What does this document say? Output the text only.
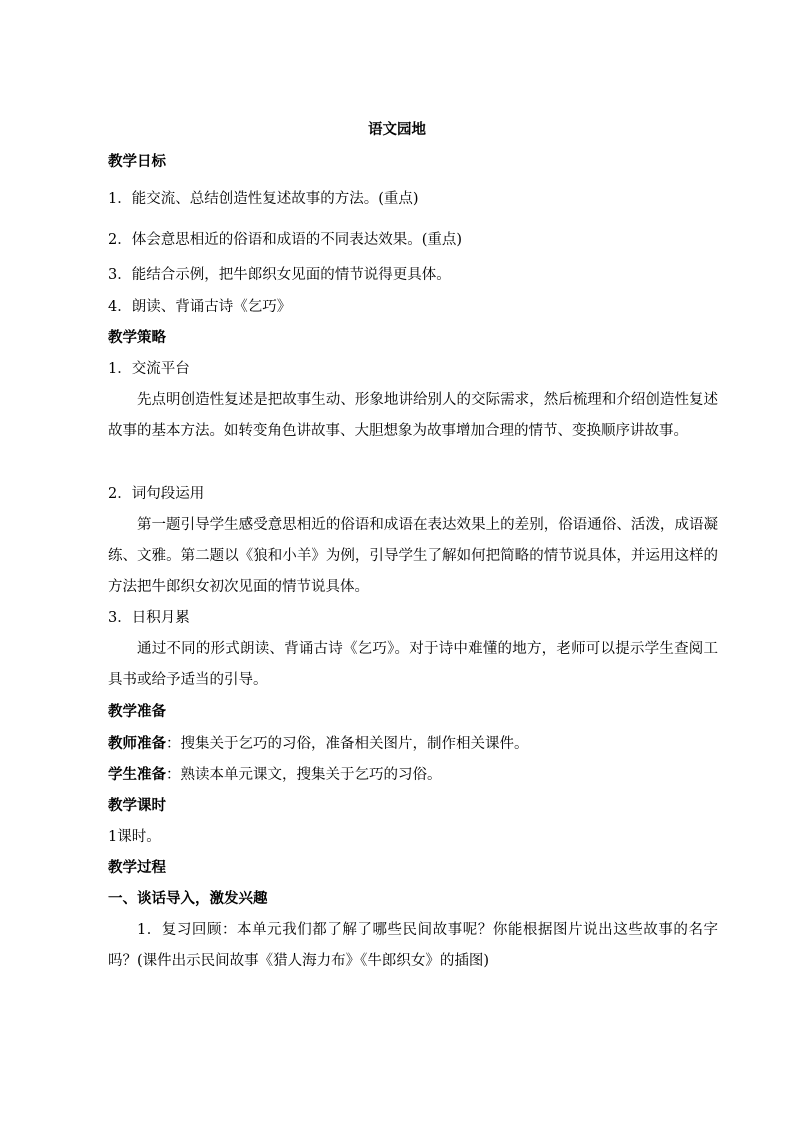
语文园地
教学日标
1．能交流、总结创造性复述故事的方法。(重点)
2．体会意思相近的俗语和成语的不同表达效果。(重点)
3．能结合示例，把牛郎织女见面的情节说得更具体。
4．朗读、背诵古诗《乞巧》
教学策略
1．交流平台
先点明创造性复述是把故事生动、形象地讲给别人的交际需求，然后梳理和介绍创造性复述故事的基本方法。如转变角色讲故事、大胆想象为故事增加合理的情节、变换顺序讲故事。
2．词句段运用
第一题引导学生感受意思相近的俗语和成语在表达效果上的差别，俗语通俗、活泼，成语凝练、文雅。第二题以《狼和小羊》为例，引导学生了解如何把简略的情节说具体，并运用这样的方法把牛郎织女初次见面的情节说具体。
3．日积月累
通过不同的形式朗读、背诵古诗《乞巧》。对于诗中难懂的地方，老师可以提示学生查阅工具书或给予适当的引导。
教学准备
教师准备：搜集关于乞巧的习俗，准备相关图片，制作相关课件。
学生准备：熟读本单元课文，搜集关于乞巧的习俗。
教学课时
1课时。
教学过程
一、谈话导入，激发兴趣
1．复习回顾：本单元我们都了解了哪些民间故事呢？你能根据图片说出这些故事的名字吗？(课件出示民间故事《猎人海力布》《牛郎织女》的插图)
